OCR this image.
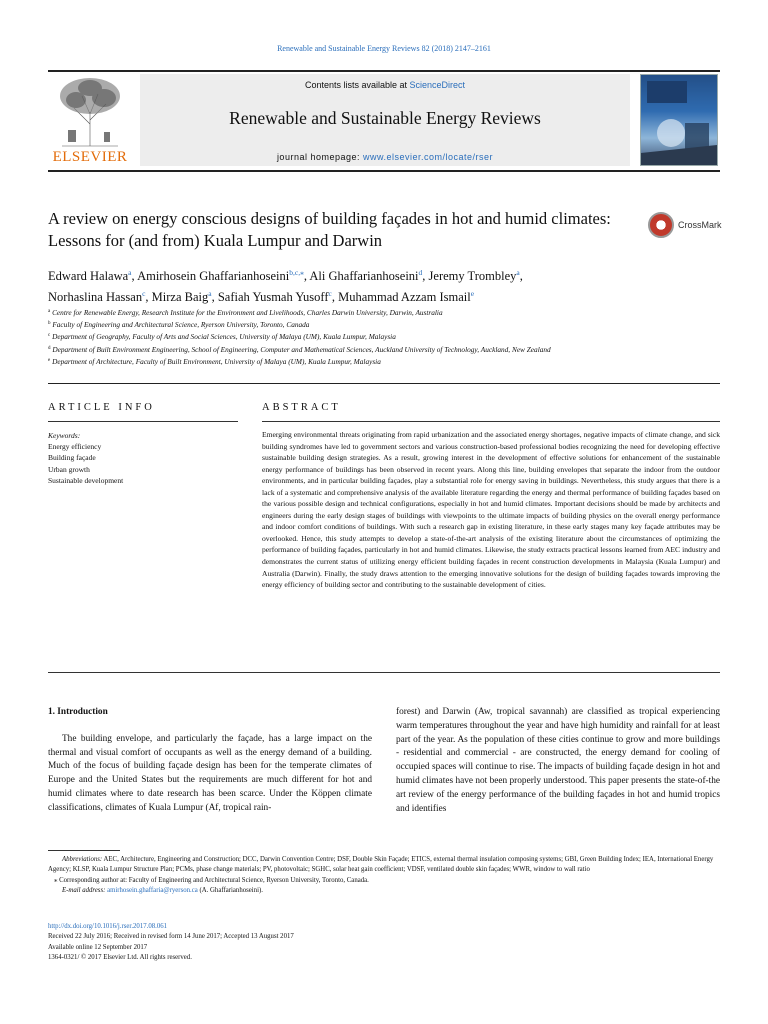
Renewable and Sustainable Energy Reviews 82 (2018) 2147–2161
ELSEVIER
Contents lists available at ScienceDirect
Renewable and Sustainable Energy Reviews
journal homepage: www.elsevier.com/locate/rser
A review on energy conscious designs of building façades in hot and humid climates: Lessons for (and from) Kuala Lumpur and Darwin
CrossMark
Edward Halawa$^a$, Amirhosein Ghaffarianhoseini$^{b,c,⁎}$, Ali Ghaffarianhoseini$^d$, Jeremy Trombley$^a$,
Norhaslina Hassan$^c$, Mirza Baig$^a$, Safiah Yusmah Yusoff$^c$, Muhammad Azzam Ismail$^e$
$^a$ Centre for Renewable Energy, Research Institute for the Environment and Livelihoods, Charles Darwin University, Darwin, Australia
$^b$ Faculty of Engineering and Architectural Science, Ryerson University, Toronto, Canada
$^c$ Department of Geography, Faculty of Arts and Social Sciences, University of Malaya (UM), Kuala Lumpur, Malaysia
$^d$ Department of Built Environment Engineering, School of Engineering, Computer and Mathematical Sciences, Auckland University of Technology, Auckland, New Zealand
$^e$ Department of Architecture, Faculty of Built Environment, University of Malaya (UM), Kuala Lumpur, Malaysia
ARTICLE INFO	ABSTRACT
Keywords:
Energy efficiency
Building façade
Urban growth
Sustainable development
Emerging environmental threats originating from rapid urbanization and the associated energy shortages, negative impacts of climate change, and sick building syndromes have led to government sectors and various construction-based professional bodies recognizing the need for developing effective sustainable building design strategies. As a result, growing interest in the development of effective solutions for enhancement of the sustainable energy performance of buildings has been observed in recent years. Along this line, building envelopes that separate the indoor from the outdoor environments, and in particular building façades, play a substantial role for energy saving in buildings. Nevertheless, this study argues that there is a lack of a systematic and comprehensive analysis of the available literature regarding the energy and thermal performance of building façades based on the various possible design and technical configurations, especially in hot and humid climates. Important decisions should be made by architects and engineers during the early design stages of buildings with viewpoints to the ultimate impacts of building physics on the overall energy performance and indoor comfort conditions of buildings. With such a research gap in existing literature, in these early stages many key façade attributes may be overlooked. Hence, this study attempts to develop a state-of-the-art analysis of the existing literature about the circumstances of optimizing the performance of building façades, particularly in hot and humid climates. Likewise, the study extracts practical lessons learned from AEC industry and demonstrates the current status of utilizing energy efficient building façades in recent construction developments in Malaysia (Kuala Lumpur) and Australia (Darwin). Finally, the study draws attention to the emerging innovative solutions for the design of building façades towards improving the energy efficiency of building sector and contributing to the sustainable development of cities.
1. Introduction

The building envelope, and particularly the façade, has a large impact on the thermal and visual comfort of occupants as well as the energy demand of a building. Much of the focus of building façade design has been for the temperate climates of Europe and the United States but the requirements are much different for hot and humid climates where to date research has been scarce. Under the Köppen climate classifications, climates of Kuala Lumpur (Af, tropical rain-

forest) and Darwin (Aw, tropical savannah) are classified as tropical experiencing warm temperatures throughout the year and have high humidity and rainfall for at least part of the year. As the population of these cities continue to grow and more buildings - residential and commercial - are constructed, the energy demand for cooling of occupied spaces will continue to rise. The impacts of building façade design in hot and humid climates have not been properly understood. This paper presents the state-of-the art review of the energy performance of the building façades in hot and humid tropics and identifies

Abbreviations: AEC, Architecture, Engineering and Construction; DCC, Darwin Convention Centre; DSF, Double Skin Façade; ETICS, external thermal insulation composing systems; GBI, Green Building Index; IEA, International Energy Agency; KLSP, Kuala Lumpur Structure Plan; PCMs, phase change materials; PV, photovoltaic; SGHC, solar heat gain coefficient; VDSF, ventilated double skin façades; WWR, window to wall ratio
⁎ Corresponding author at: Faculty of Engineering and Architectural Science, Ryerson University, Toronto, Canada.
E-mail address: amirhosein.ghaffaria@ryerson.ca (A. Ghaffarianhoseini).
http://dx.doi.org/10.1016/j.rser.2017.08.061
Received 22 July 2016; Received in revised form 14 June 2017; Accepted 13 August 2017
Available online 12 September 2017
1364-0321/ © 2017 Elsevier Ltd. All rights reserved.
